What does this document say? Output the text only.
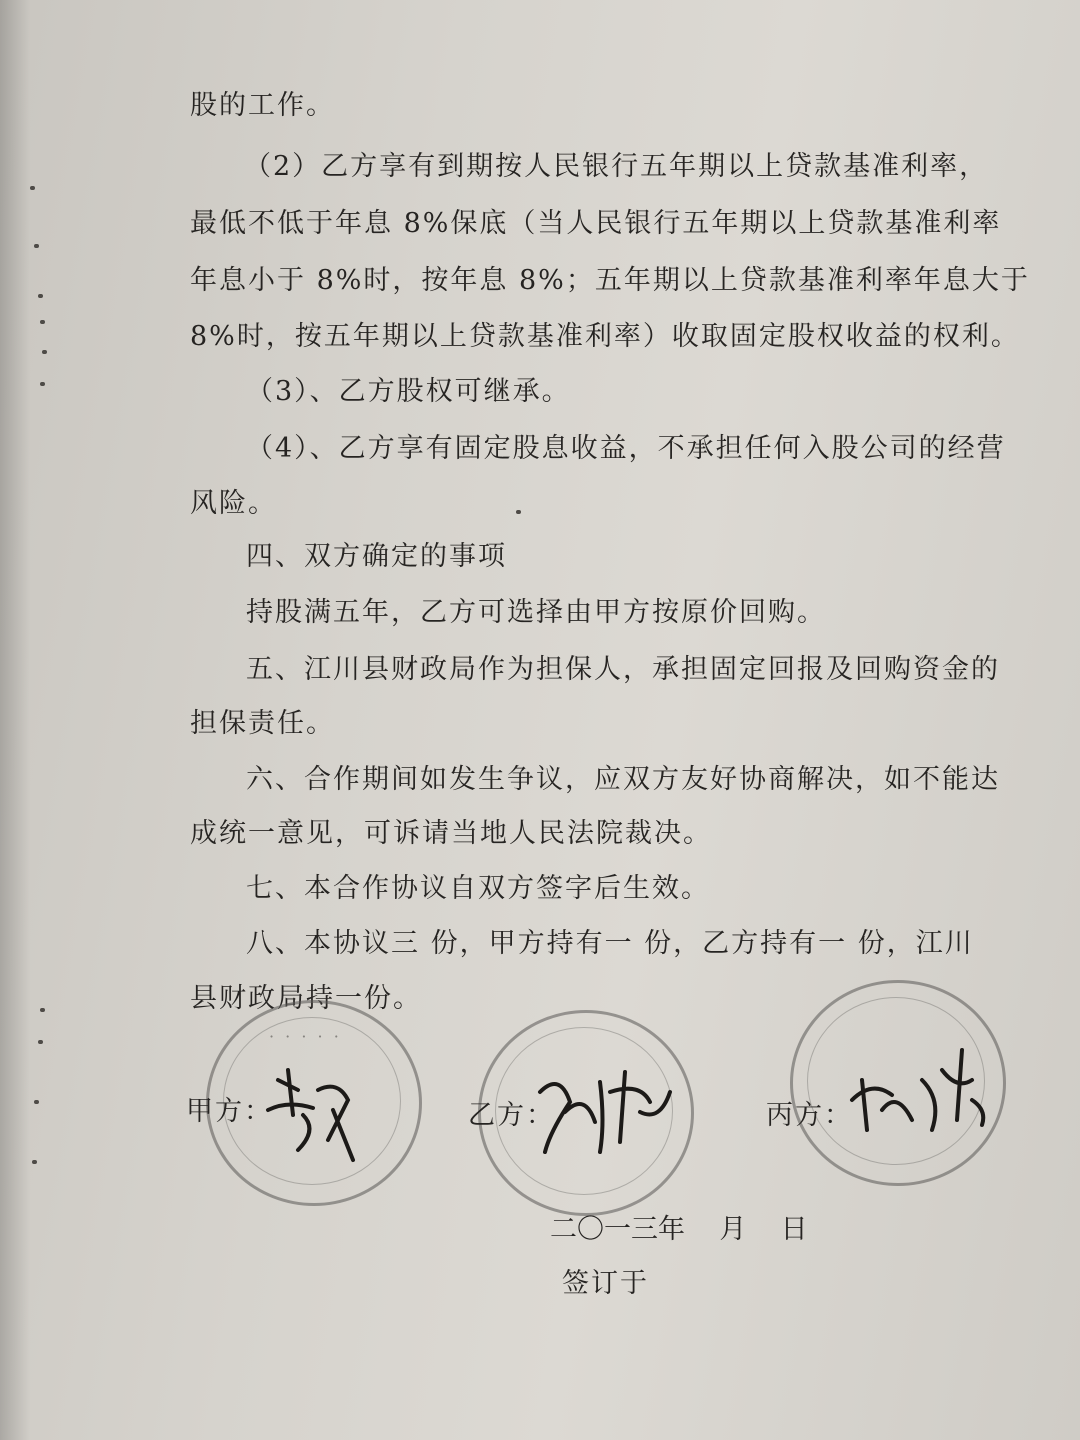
股的工作。
（2）乙方享有到期按人民银行五年期以上贷款基准利率，
最低不低于年息 8%保底（当人民银行五年期以上贷款基准利率
年息小于 8%时，按年息 8%；五年期以上贷款基准利率年息大于
8%时，按五年期以上贷款基准利率）收取固定股权收益的权利。
（3）、乙方股权可继承。
（4）、乙方享有固定股息收益，不承担任何入股公司的经营
风险。
四、双方确定的事项
持股满五年，乙方可选择由甲方按原价回购。
五、江川县财政局作为担保人，承担固定回报及回购资金的
担保责任。
六、合作期间如发生争议，应双方友好协商解决，如不能达
成统一意见，可诉请当地人民法院裁决。
七、本合作协议自双方签字后生效。
八、本协议三 份，甲方持有一 份，乙方持有一 份，江川
县财政局持一份。
· · · · ·
甲方：	乙方：	丙方：
二〇一三年    月    日
签订于
